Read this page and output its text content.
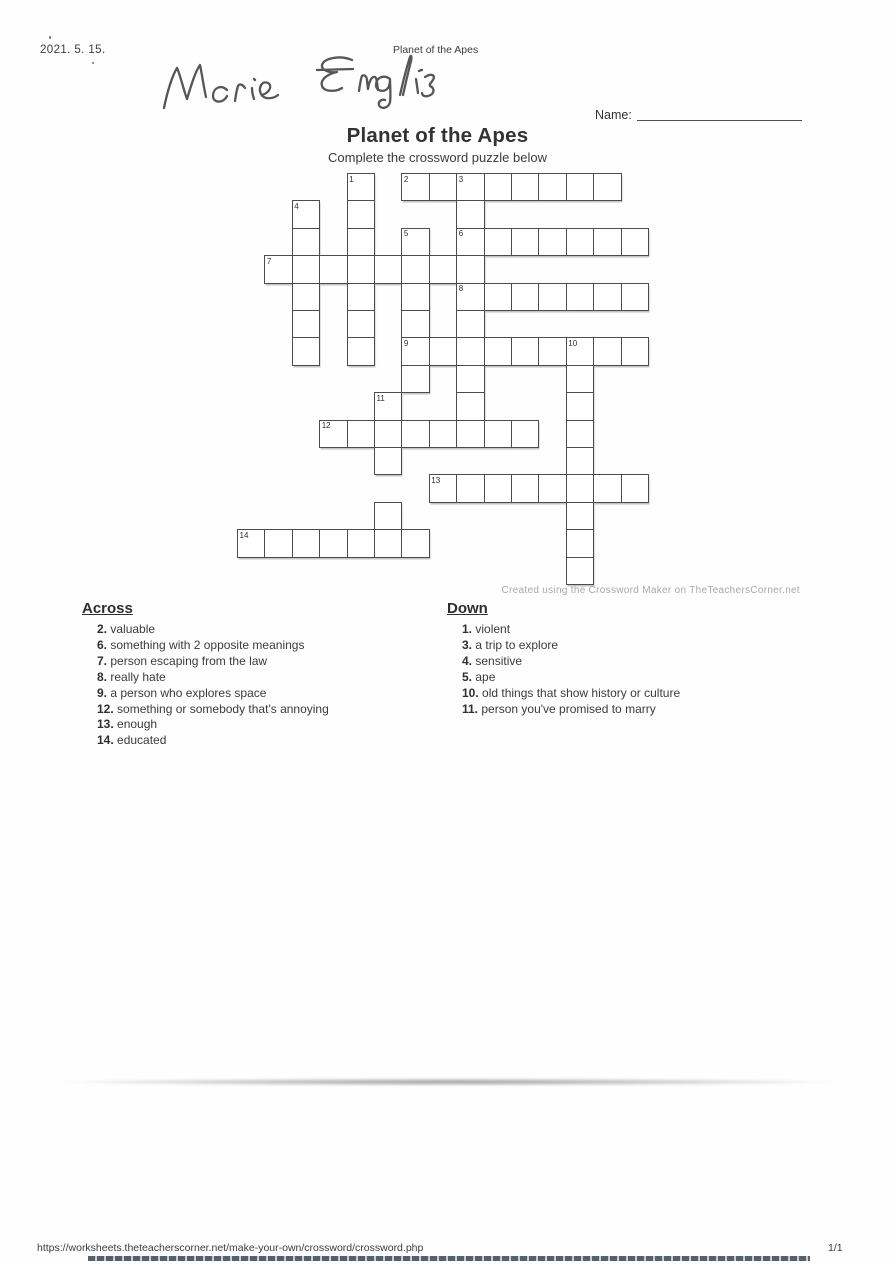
2021. 5. 15.	Planet of the Apes
Name:
Planet of the Apes
Complete the crossword puzzle below
1	2	3
4
5	6
7
8
9	10
11
12
13
14
Created using the Crossword Maker on TheTeachersCorner.net
Across
2. valuable
6. something with 2 opposite meanings
7. person escaping from the law
8. really hate
9. a person who explores space
12. something or somebody that's annoying
13. enough
14. educated
Down
1. violent
3. a trip to explore
4. sensitive
5. ape
10. old things that show history or culture
11. person you've promised to marry
https://worksheets.theteacherscorner.net/make-your-own/crossword/crossword.php	1/1
